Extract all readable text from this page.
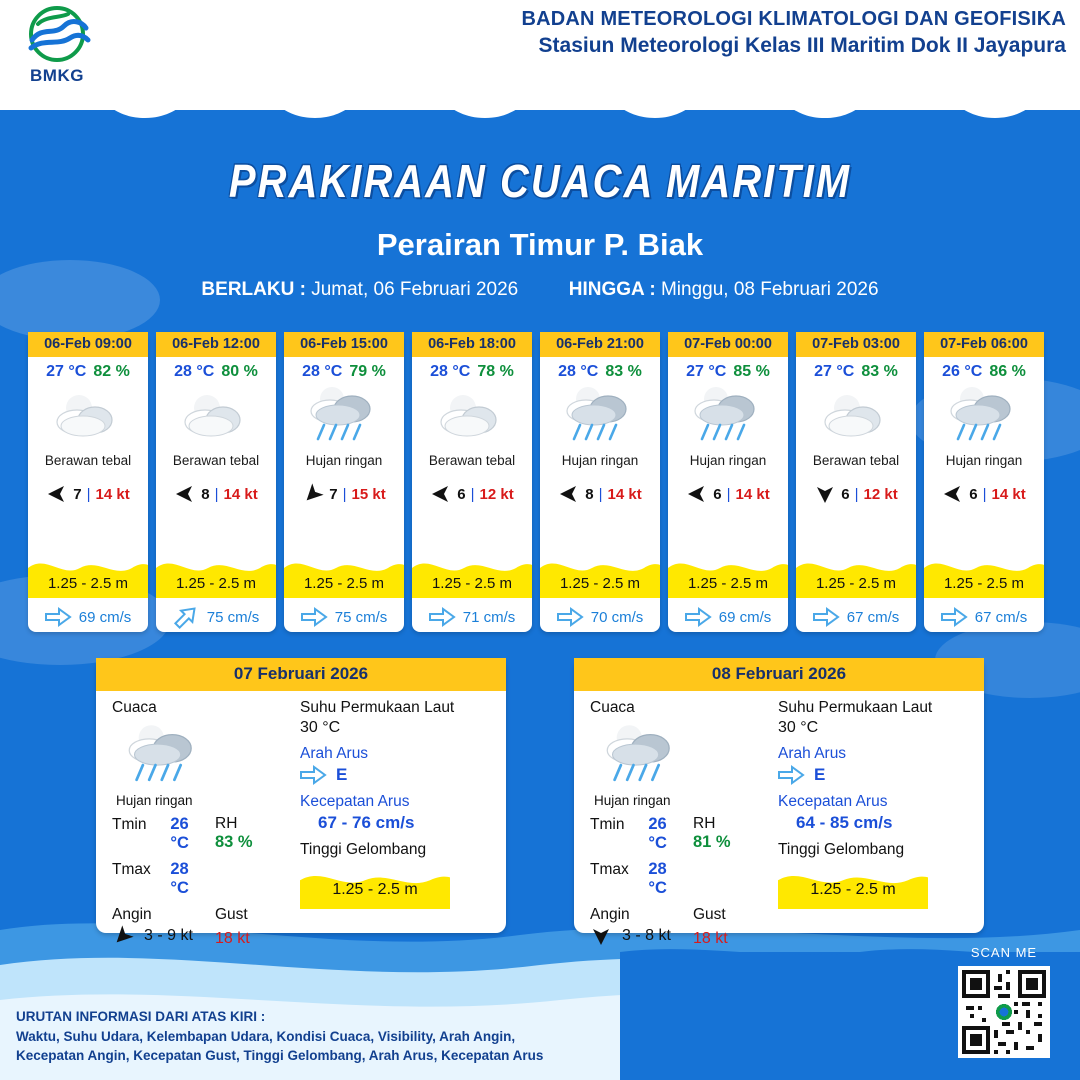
BMKG
BADAN METEOROLOGI KLIMATOLOGI DAN GEOFISIKA
Stasiun Meteorologi Kelas III Maritim Dok II Jayapura
PRAKIRAAN CUACA MARITIM
Perairan Timur P. Biak
BERLAKU : Jumat, 06 Februari 2026	HINGGA : Minggu, 08 Februari 2026
06-Feb 09:00
27 °C 82 %
Berawan tebal
7 | 14 kt
1.25 - 2.5 m
69 cm/s
06-Feb 12:00
28 °C 80 %
Berawan tebal
8 | 14 kt
1.25 - 2.5 m
75 cm/s
06-Feb 15:00
28 °C 79 %
Hujan ringan
7 | 15 kt
1.25 - 2.5 m
75 cm/s
06-Feb 18:00
28 °C 78 %
Berawan tebal
6 | 12 kt
1.25 - 2.5 m
71 cm/s
06-Feb 21:00
28 °C 83 %
Hujan ringan
8 | 14 kt
1.25 - 2.5 m
70 cm/s
07-Feb 00:00
27 °C 85 %
Hujan ringan
6 | 14 kt
1.25 - 2.5 m
69 cm/s
07-Feb 03:00
27 °C 83 %
Berawan tebal
6 | 12 kt
1.25 - 2.5 m
67 cm/s
07-Feb 06:00
26 °C 86 %
Hujan ringan
6 | 14 kt
1.25 - 2.5 m
67 cm/s
07 Februari 2026
Cuaca
Hujan ringan
Tmin	26 °C
Tmax	28 °C
RH
83 %
Angin
3 - 9 kt
Gust
18 kt
Suhu Permukaan Laut
30 °C
Arah Arus
E
Kecepatan Arus
67 - 76 cm/s
Tinggi Gelombang
1.25 - 2.5 m
08 Februari 2026
Cuaca
Hujan ringan
Tmin	26 °C
Tmax	28 °C
RH
81 %
Angin
3 - 8 kt
Gust
18 kt
Suhu Permukaan Laut
30 °C
Arah Arus
E
Kecepatan Arus
64 - 85 cm/s
Tinggi Gelombang
1.25 - 2.5 m
URUTAN INFORMASI DARI ATAS KIRI :
Waktu, Suhu Udara, Kelembapan Udara, Kondisi Cuaca, Visibility, Arah Angin,
Kecepatan Angin, Kecepatan Gust, Tinggi Gelombang, Arah Arus, Kecepatan Arus
SCAN ME
